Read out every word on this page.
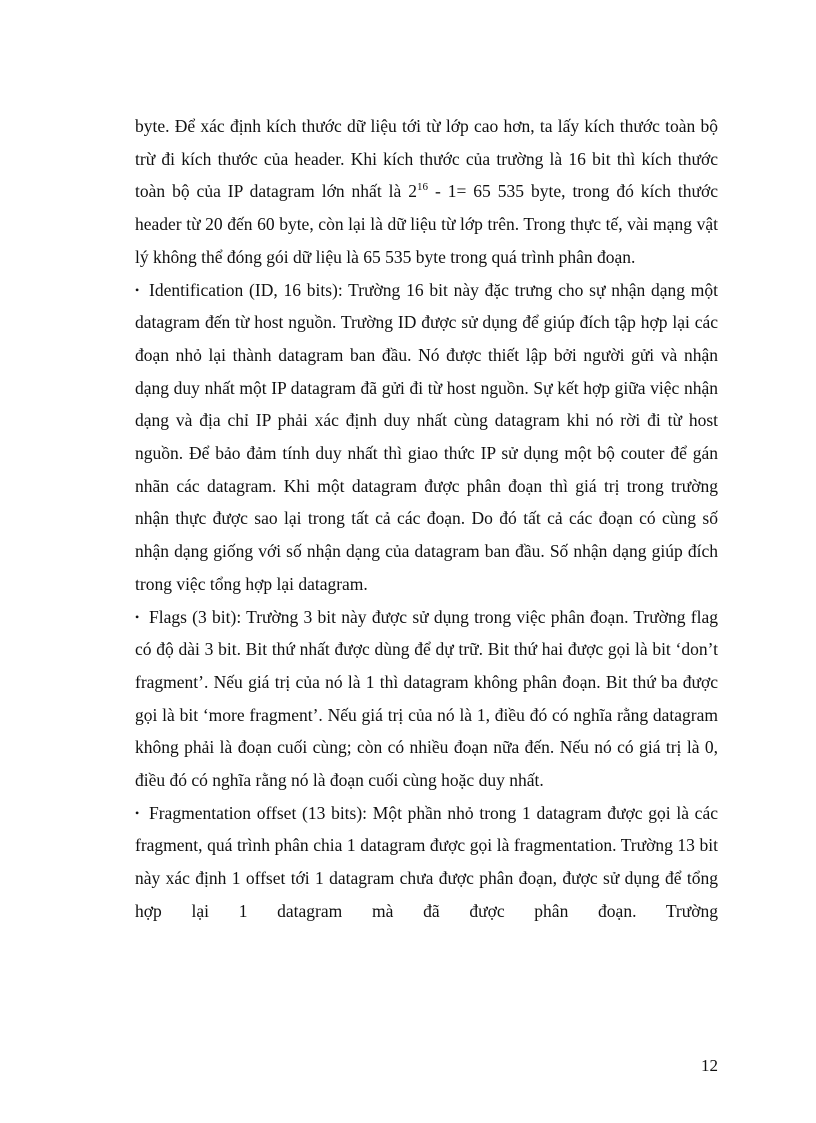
byte. Để xác định kích thước dữ liệu tới từ lớp cao hơn, ta lấy kích thước toàn bộ trừ đi kích thước của header. Khi kích thước của trường là 16 bit thì kích thước toàn bộ của IP datagram lớn nhất là $2^{16} - 1= 65$ 535 byte, trong đó kích thước header từ 20 đến 60 byte, còn lại là dữ liệu từ lớp trên. Trong thực tế, vài mạng vật lý không thể đóng gói dữ liệu là 65 535 byte trong quá trình phân đoạn.

• Identification (ID, 16 bits): Trường 16 bit này đặc trưng cho sự nhận dạng một datagram đến từ host nguồn. Trường ID được sử dụng để giúp đích tập hợp lại các đoạn nhỏ lại thành datagram ban đầu. Nó được thiết lập bởi người gửi và nhận dạng duy nhất một IP datagram đã gửi đi từ host nguồn. Sự kết hợp giữa việc nhận dạng và địa chỉ IP phải xác định duy nhất cùng datagram khi nó rời đi từ host nguồn. Để bảo đảm tính duy nhất thì giao thức IP sử dụng một bộ couter để gán nhãn các datagram. Khi một datagram được phân đoạn thì giá trị trong trường nhận thực được sao lại trong tất cả các đoạn. Do đó tất cả các đoạn có cùng số nhận dạng giống với số nhận dạng của datagram ban đầu. Số nhận dạng giúp đích trong việc tổng hợp lại datagram.

• Flags (3 bit): Trường 3 bit này được sử dụng trong việc phân đoạn. Trường flag có độ dài 3 bit. Bit thứ nhất được dùng để dự trữ. Bit thứ hai được gọi là bit ‘don’t fragment’. Nếu giá trị của nó là 1 thì datagram không phân đoạn. Bit thứ ba được gọi là bit ‘more fragment’. Nếu giá trị của nó là 1, điều đó có nghĩa rằng datagram không phải là đoạn cuối cùng; còn có nhiều đoạn nữa đến. Nếu nó có giá trị là 0, điều đó có nghĩa rằng nó là đoạn cuối cùng hoặc duy nhất.

• Fragmentation offset (13 bits): Một phần nhỏ trong 1 datagram được gọi là các fragment, quá trình phân chia 1 datagram được gọi là fragmentation. Trường 13 bit này xác định 1 offset tới 1 datagram chưa được phân đoạn, được sử dụng để tổng hợp lại 1 datagram mà đã được phân đoạn. Trường

12
